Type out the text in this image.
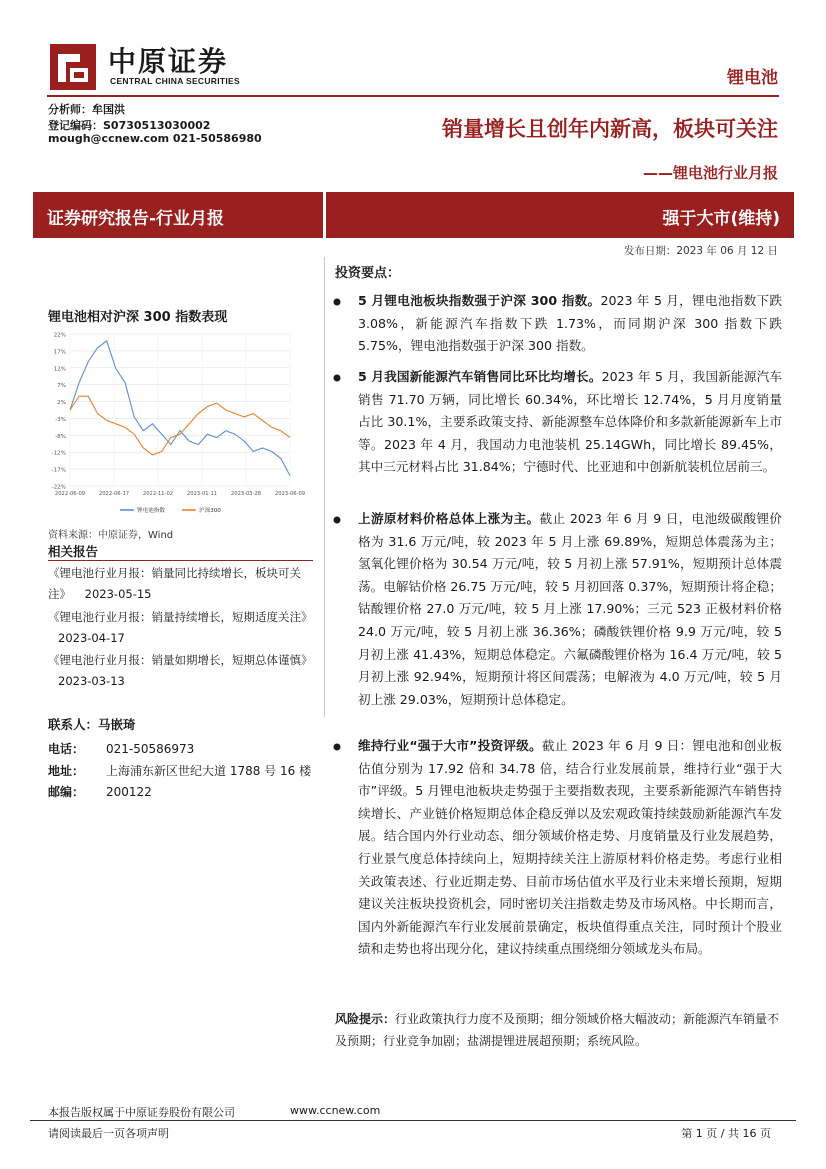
中原证券
CENTRAL CHINA SECURITIES	锂电池
分析师：牟国洪
登记编码：S0730513030002
mough@ccnew.com 021-50586980	销量增长且创年内新高，板块可关注
——锂电池行业月报
证券研究报告-行业月报	强于大市(维持)
发布日期：2023 年 06 月 12 日
锂电池相对沪深 300 指数表现
22%
17%
12%
7%
2%
-3%
-8%
-12%
-17%
-22%
2022-06-09	2022-06-17	2022-11-02	2023-01-11	2023-03-28	2023-06-09
锂电池指数	沪深300
资料来源：中原证券，Wind
相关报告
《锂电池行业月报：销量同比持续增长，板块可关注》 2023-05-15
《锂电池行业月报：销量持续增长，短期适度关注》 2023-04-17
《锂电池行业月报：销量如期增长，短期总体谨慎》 2023-03-13
联系人：马嵌琦
电话： 021-50586973
地址： 上海浦东新区世纪大道 1788 号 16 楼
邮编： 200122
投资要点：
5 月锂电池板块指数强于沪深 300 指数。2023 年 5 月，锂电池指数下跌 3.08%，新能源汽车指数下跌 1.73%，而同期沪深 300 指数下跌 5.75%，锂电池指数强于沪深 300 指数。
5 月我国新能源汽车销售同比环比均增长。2023 年 5 月，我国新能源汽车销售 71.70 万辆，同比增长 60.34%，环比增长 12.74%，5 月月度销量占比 30.1%，主要系政策支持、新能源整车总体降价和多款新能源新车上市等。2023 年 4 月，我国动力电池装机 25.14GWh，同比增长 89.45%，其中三元材料占比 31.84%；宁德时代、比亚迪和中创新航装机位居前三。
上游原材料价格总体上涨为主。截止 2023 年 6 月 9 日，电池级碳酸锂价格为 31.6 万元/吨，较 2023 年 5 月上涨 69.89%，短期总体震荡为主；氢氧化锂价格为 30.54 万元/吨，较 5 月初上涨 57.91%，短期预计总体震荡。电解钴价格 26.75 万元/吨，较 5 月初回落 0.37%，短期预计将企稳；钴酸锂价格 27.0 万元/吨，较 5 月上涨 17.90%；三元 523 正极材料价格 24.0 万元/吨，较 5 月初上涨 36.36%；磷酸铁锂价格 9.9 万元/吨，较 5 月初上涨 41.43%，短期总体稳定。六氟磷酸锂价格为 16.4 万元/吨，较 5 月初上涨 92.94%，短期预计将区间震荡；电解液为 4.0 万元/吨，较 5 月初上涨 29.03%，短期预计总体稳定。
维持行业“强于大市”投资评级。截止 2023 年 6 月 9 日：锂电池和创业板估值分别为 17.92 倍和 34.78 倍，结合行业发展前景，维持行业“强于大市”评级。5 月锂电池板块走势强于主要指数表现，主要系新能源汽车销售持续增长、产业链价格短期总体企稳反弹以及宏观政策持续鼓励新能源汽车发展。结合国内外行业动态、细分领域价格走势、月度销量及行业发展趋势，行业景气度总体持续向上，短期持续关注上游原材料价格走势。考虑行业相关政策表述、行业近期走势、目前市场估值水平及行业未来增长预期，短期建议关注板块投资机会，同时密切关注指数走势及市场风格。中长期而言，国内外新能源汽车行业发展前景确定，板块值得重点关注，同时预计个股业绩和走势也将出现分化，建议持续重点围绕细分领域龙头布局。
风险提示：行业政策执行力度不及预期；细分领域价格大幅波动；新能源汽车销量不及预期；行业竞争加剧；盐湖提锂进展超预期；系统风险。
本报告版权属于中原证券股份有限公司	www.ccnew.com
请阅读最后一页各项声明	第 1 页 / 共 16 页
